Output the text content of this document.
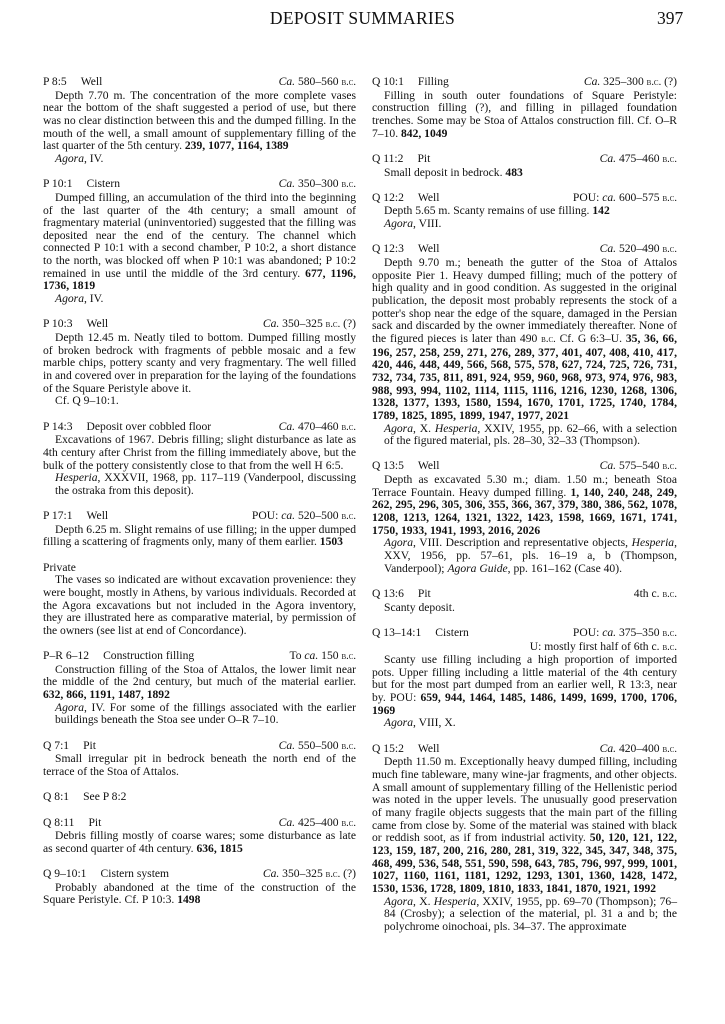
DEPOSIT SUMMARIES	397
P 8:5 Well	Ca. 580–560 b.c.
Depth 7.70 m. The concentration of the more complete vases near the bottom of the shaft suggested a period of use, but there was no clear distinction between this and the dumped filling. In the mouth of the well, a small amount of supplementary filling of the last quarter of the 5th century. 239, 1077, 1164, 1389
Agora, IV.
P 10:1 Cistern	Ca. 350–300 b.c.
Dumped filling, an accumulation of the third into the beginning of the last quarter of the 4th century; a small amount of fragmentary material (uninventoried) suggested that the filling was deposited near the end of the century. The channel which connected P 10:1 with a second chamber, P 10:2, a short distance to the north, was blocked off when P 10:1 was abandoned; P 10:2 remained in use until the middle of the 3rd century. 677, 1196, 1736, 1819
Agora, IV.
P 10:3 Well	Ca. 350–325 b.c. (?)
Depth 12.45 m. Neatly tiled to bottom. Dumped filling mostly of broken bedrock with fragments of pebble mosaic and a few marble chips, pottery scanty and very fragmentary. The well filled in and covered over in preparation for the laying of the foundations of the Square Peristyle above it.
Cf. Q 9–10:1.
P 14:3 Deposit over cobbled floor	Ca. 470–460 b.c.
Excavations of 1967. Debris filling; slight disturbance as late as 4th century after Christ from the filling immediately above, but the bulk of the pottery consistently close to that from the well H 6:5.
Hesperia, XXXVII, 1968, pp. 117–119 (Vanderpool, discussing the ostraka from this deposit).
P 17:1 Well	POU: ca. 520–500 b.c.
Depth 6.25 m. Slight remains of use filling; in the upper dumped filling a scattering of fragments only, many of them earlier. 1503
Private
The vases so indicated are without excavation provenience: they were bought, mostly in Athens, by various individuals. Recorded at the Agora excavations but not included in the Agora inventory, they are illustrated here as comparative material, by permission of the owners (see list at end of Concordance).
P–R 6–12 Construction filling	To ca. 150 b.c.
Construction filling of the Stoa of Attalos, the lower limit near the middle of the 2nd century, but much of the material earlier. 632, 866, 1191, 1487, 1892
Agora, IV. For some of the fillings associated with the earlier buildings beneath the Stoa see under O–R 7–10.
Q 7:1 Pit	Ca. 550–500 b.c.
Small irregular pit in bedrock beneath the north end of the terrace of the Stoa of Attalos.
Q 8:1 See P 8:2
Q 8:11 Pit	Ca. 425–400 b.c.
Debris filling mostly of coarse wares; some disturbance as late as second quarter of 4th century. 636, 1815
Q 9–10:1 Cistern system	Ca. 350–325 b.c. (?)
Probably abandoned at the time of the construction of the Square Peristyle. Cf. P 10:3. 1498
Q 10:1 Filling	Ca. 325–300 b.c. (?)
Filling in south outer foundations of Square Peristyle: construction filling (?), and filling in pillaged foundation trenches. Some may be Stoa of Attalos construction fill. Cf. O–R 7–10. 842, 1049
Q 11:2 Pit	Ca. 475–460 b.c.
Small deposit in bedrock. 483
Q 12:2 Well	POU: ca. 600–575 b.c.
Depth 5.65 m. Scanty remains of use filling. 142
Agora, VIII.
Q 12:3 Well	Ca. 520–490 b.c.
Depth 9.70 m.; beneath the gutter of the Stoa of Attalos opposite Pier 1. Heavy dumped filling; much of the pottery of high quality and in good condition. As suggested in the original publication, the deposit most probably represents the stock of a potter's shop near the edge of the square, damaged in the Persian sack and discarded by the owner immediately thereafter. None of the figured pieces is later than 490 b.c. Cf. G 6:3–U. 35, 36, 66, 196, 257, 258, 259, 271, 276, 289, 377, 401, 407, 408, 410, 417, 420, 446, 448, 449, 566, 568, 575, 578, 627, 724, 725, 726, 731, 732, 734, 735, 811, 891, 924, 959, 960, 968, 973, 974, 976, 983, 988, 993, 994, 1102, 1114, 1115, 1116, 1216, 1230, 1268, 1306, 1328, 1377, 1393, 1580, 1594, 1670, 1701, 1725, 1740, 1784, 1789, 1825, 1895, 1899, 1947, 1977, 2021
Agora, X. Hesperia, XXIV, 1955, pp. 62–66, with a selection of the figured material, pls. 28–30, 32–33 (Thompson).
Q 13:5 Well	Ca. 575–540 b.c.
Depth as excavated 5.30 m.; diam. 1.50 m.; beneath Stoa Terrace Fountain. Heavy dumped filling. 1, 140, 240, 248, 249, 262, 295, 296, 305, 306, 355, 366, 367, 379, 380, 386, 562, 1078, 1208, 1213, 1264, 1321, 1322, 1423, 1598, 1669, 1671, 1741, 1750, 1933, 1941, 1993, 2016, 2026
Agora, VIII. Description and representative objects, Hesperia, XXV, 1956, pp. 57–61, pls. 16–19 a, b (Thompson, Vanderpool); Agora Guide, pp. 161–162 (Case 40).
Q 13:6 Pit	4th c. b.c.
Scanty deposit.
Q 13–14:1 Cistern	POU: ca. 375–350 b.c.
U: mostly first half of 6th c. b.c.
Scanty use filling including a high proportion of imported pots. Upper filling including a little material of the 4th century but for the most part dumped from an earlier well, R 13:3, near by. POU: 659, 944, 1464, 1485, 1486, 1499, 1699, 1700, 1706, 1969
Agora, VIII, X.
Q 15:2 Well	Ca. 420–400 b.c.
Depth 11.50 m. Exceptionally heavy dumped filling, including much fine tableware, many wine-jar fragments, and other objects. A small amount of supplementary filling of the Hellenistic period was noted in the upper levels. The unusually good preservation of many fragile objects suggests that the main part of the filling came from close by. Some of the material was stained with black or reddish soot, as if from industrial activity. 50, 120, 121, 122, 123, 159, 187, 200, 216, 280, 281, 319, 322, 345, 347, 348, 375, 468, 499, 536, 548, 551, 590, 598, 643, 785, 796, 997, 999, 1001, 1027, 1160, 1161, 1181, 1292, 1293, 1301, 1360, 1428, 1472, 1530, 1536, 1728, 1809, 1810, 1833, 1841, 1870, 1921, 1992
Agora, X. Hesperia, XXIV, 1955, pp. 69–70 (Thompson); 76–84 (Crosby); a selection of the material, pl. 31 a and b; the polychrome oinochoai, pls. 34–37. The approximate
